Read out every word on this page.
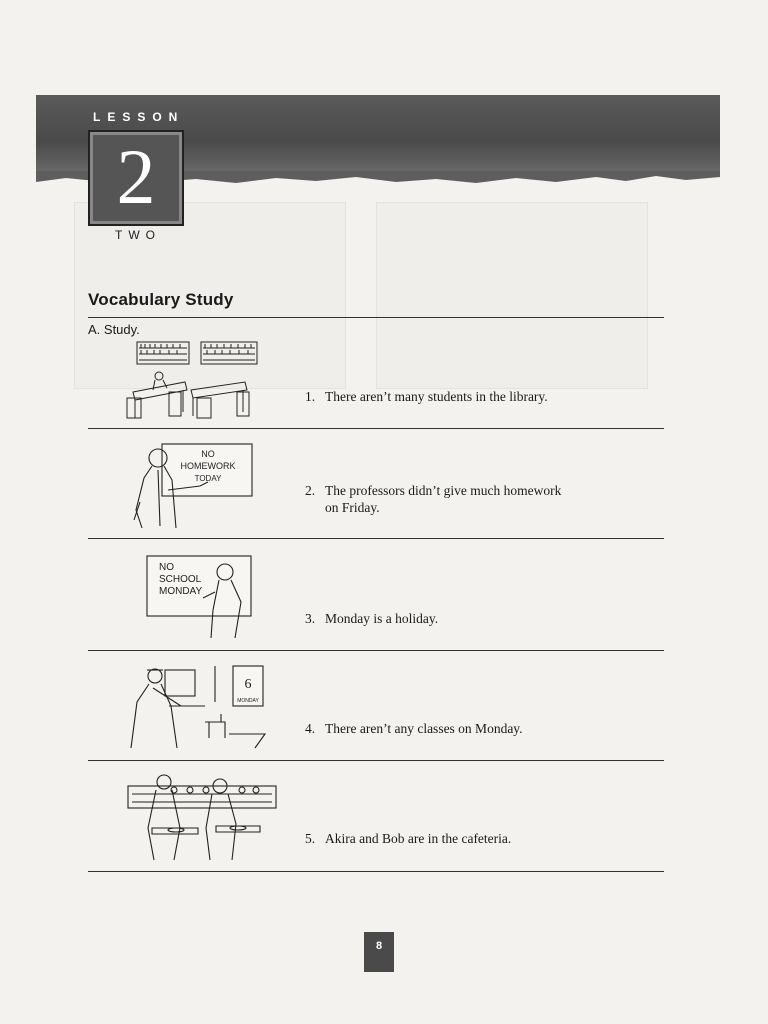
LESSON
2
TWO
Vocabulary Study
A. Study.
1. There aren’t many students in the library.
NO
HOMEWORK
TODAY
2. The professors didn’t give much homework
on Friday.
NO
SCHOOL
MONDAY
3. Monday is a holiday.
6
MONDAY
4. There aren’t any classes on Monday.
5. Akira and Bob are in the cafeteria.
8
